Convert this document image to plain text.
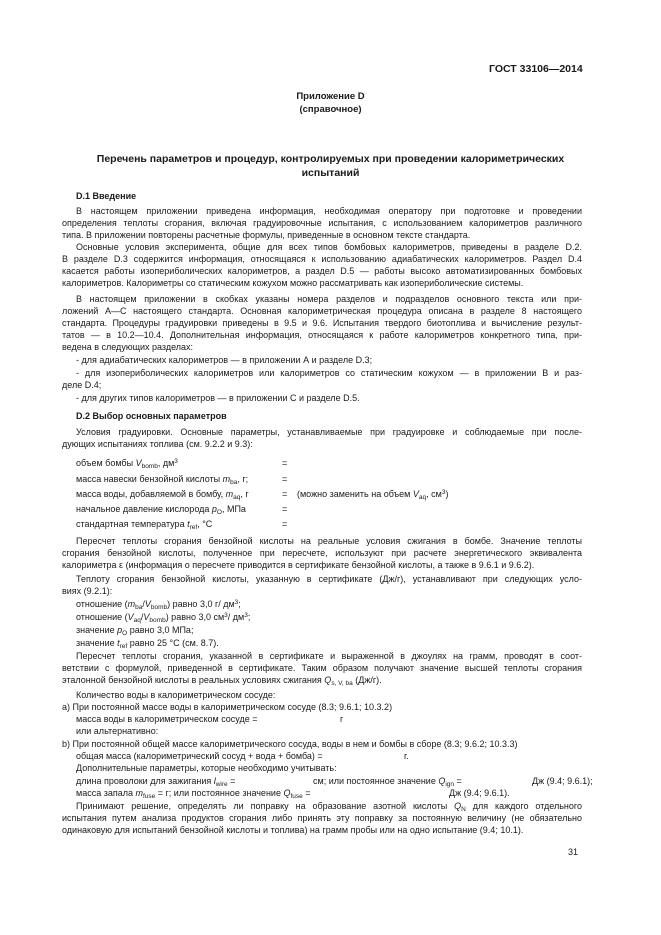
ГОСТ 33106—2014
Приложение D
(справочное)
Перечень параметров и процедур, контролируемых при проведении калориметрических
испытаний
D.1 Введение
В настоящем приложении приведена информация, необходимая оператору при подготовке и проведении
определения теплоты сгорания, включая градуировочные испытания, с использованием калориметров различного
типа. В приложении повторены расчетные формулы, приведенные в основном тексте стандарта.
Основные условия эксперимента, общие для всех типов бомбовых калориметров, приведены в разделе D.2.
В разделе D.3 содержится информация, относящаяся к использованию адиабатических калориметров. Раздел D.4
касается работы изопериболических калориметров, а раздел D.5 — работы высоко автоматизированных бомбовых
калориметров. Калориметры со статическим кожухом можно рассматривать как изопериболические системы.
В настоящем приложении в скобках указаны номера разделов и подразделов основного текста или при-
ложений А—С настоящего стандарта. Основная калориметрическая процедура описана в разделе 8 настоящего
стандарта. Процедуры градуировки приведены в 9.5 и 9.6. Испытания твердого биотоплива и вычисление результ-
татов — в 10.2—10.4. Дополнительная информация, относящаяся к работе калориметров конкретного типа, при-
ведена в следующих разделах:
- для адиабатических калориметров — в приложении А и разделе D.3;
- для изопериболических калориметров или калориметров со статическим кожухом — в приложении В и раз-
деле D.4;
- для других типов калориметров — в приложении С и разделе D.5.
D.2 Выбор основных параметров
Условия градуировки. Основные параметры, устанавливаемые при градуировке и соблюдаемые при после-
дующих испытаниях топлива (см. 9.2.2 и 9.3):
объем бомбы $V_{bomb}$, $дм^3$	=
масса навески бензойной кислоты $m_{ba}$, г;	=
масса воды, добавляемой в бомбу, $m_{aq}$, г	= (можно заменить на объем $V_{aq}$, $см^3$)
начальное давление кислорода $p_O$, МПа	=
стандартная температура $t_{ref}$, °С	=
Пересчет теплоты сгорания бензойной кислоты на реальные условия сжигания в бомбе. Значение теплоты
сгорания бензойной кислоты, полученное при пересчете, используют при расчете энергетического эквивалента
калориметра ε (информация о пересчете приводится в сертификате бензойной кислоты, а также в 9.6.1 и 9.6.2).
Теплоту сгорания бензойной кислоты, указанную в сертификате (Дж/г), устанавливают при следующих усло-
виях (9.2.1):
отношение $(m_{ba}/V_{bomb})$ равно 3,0 г/ $дм^3$;
отношение $(V_{aq}/V_{bomb})$ равно 3,0 $см^3/$ $дм^3$;
значение $p_O$ равно 3,0 МПа;
значение $t_{ref}$ равно 25 °С (см. 8.7).
Пересчет теплоты сгорания, указанной в сертификате и выраженной в джоулях на грамм, проводят в соот-
ветствии с формулой, приведенной в сертификате. Таким образом получают значение высшей теплоты сгорания
эталонной бензойной кислоты в реальных условиях сжигания $Q_{s, V, ba}$ (Дж/г).
Количество воды в калориметрическом сосуде:
а) При постоянной массе воды в калориметрическом сосуде (8.3; 9.6.1; 10.3.2)
масса воды в калориметрическом сосуде =	г
или альтернативно:
b) При постоянной общей массе калориметрического сосуда, воды в нем и бомбы в сборе (8.3; 9.6.2; 10.3.3)
общая масса (калориметрический сосуд + вода + бомба) =	г.
Дополнительные параметры, которые необходимо учитывать:
длина проволоки для зажигания $l_{wire}$ =	см; или постоянное значение $Q_{ign}$ =	Дж (9.4; 9.6.1);
масса запала $m_{fuse} = г$; или постоянное значение $Q_{fuse}$ =	Дж (9.4; 9.6.1).
Принимают решение, определять ли поправку на образование азотной кислоты $Q_N$ для каждого отдельного
испытания путем анализа продуктов сгорания либо принять эту поправку за постоянную величину (не обязательно
одинаковую для испытаний бензойной кислоты и топлива) на грамм пробы или на одно испытание (9.4; 10.1).
31
